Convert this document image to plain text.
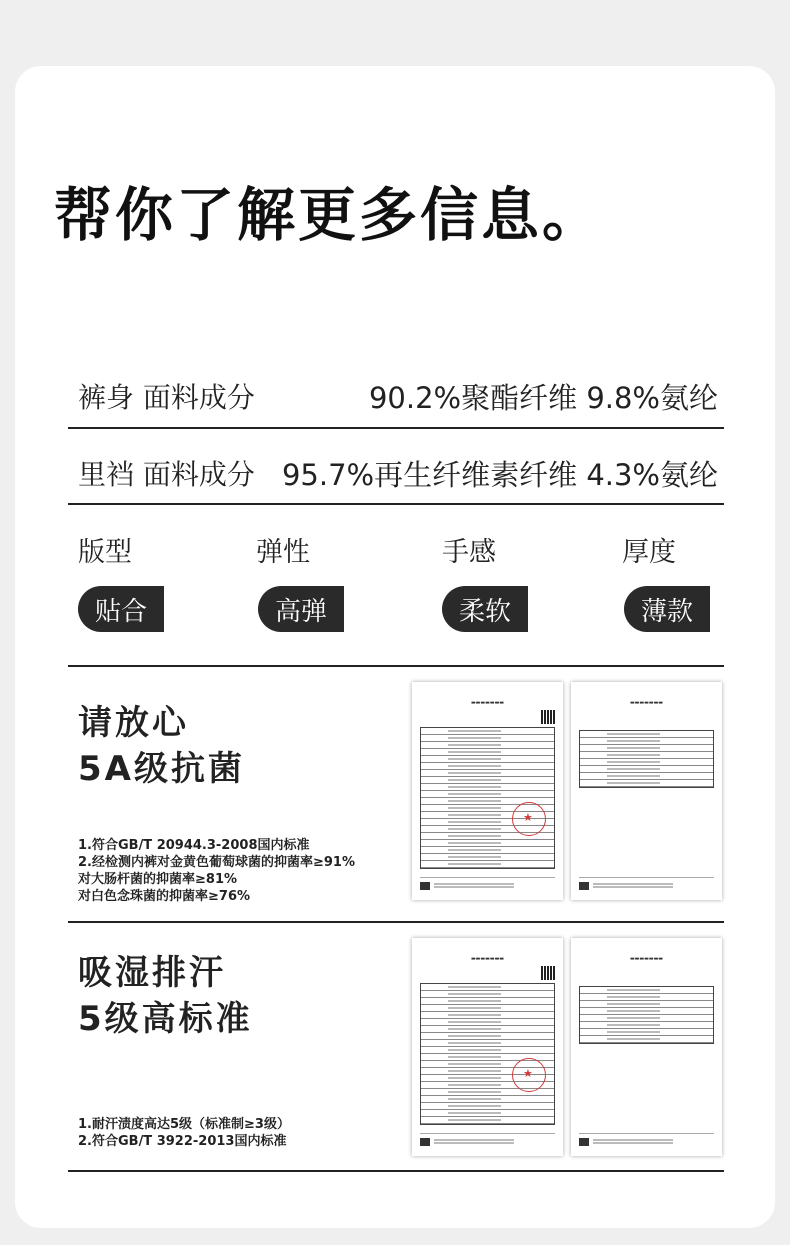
帮你了解更多信息。
裤身 面料成分	90.2%聚酯纤维 9.8%氨纶
里裆 面料成分 95.7%再生纤维素纤维 4.3%氨纶
版型	弹性	手感	厚度
贴合	高弹	柔软	薄款
请放心
5A级抗菌
1.符合GB/T 20944.3-2008国内标准
2.经检测内裤对金黄色葡萄球菌的抑菌率≥91%
对大肠杆菌的抑菌率≥81%
对白色念珠菌的抑菌率≥76%
▬▬▬▬▬▬▬
★	▬▬▬▬▬▬▬
吸湿排汗
5级高标准
1.耐汗渍度高达5级（标准制≥3级）
2.符合GB/T 3922-2013国内标准
▬▬▬▬▬▬▬
★	▬▬▬▬▬▬▬
